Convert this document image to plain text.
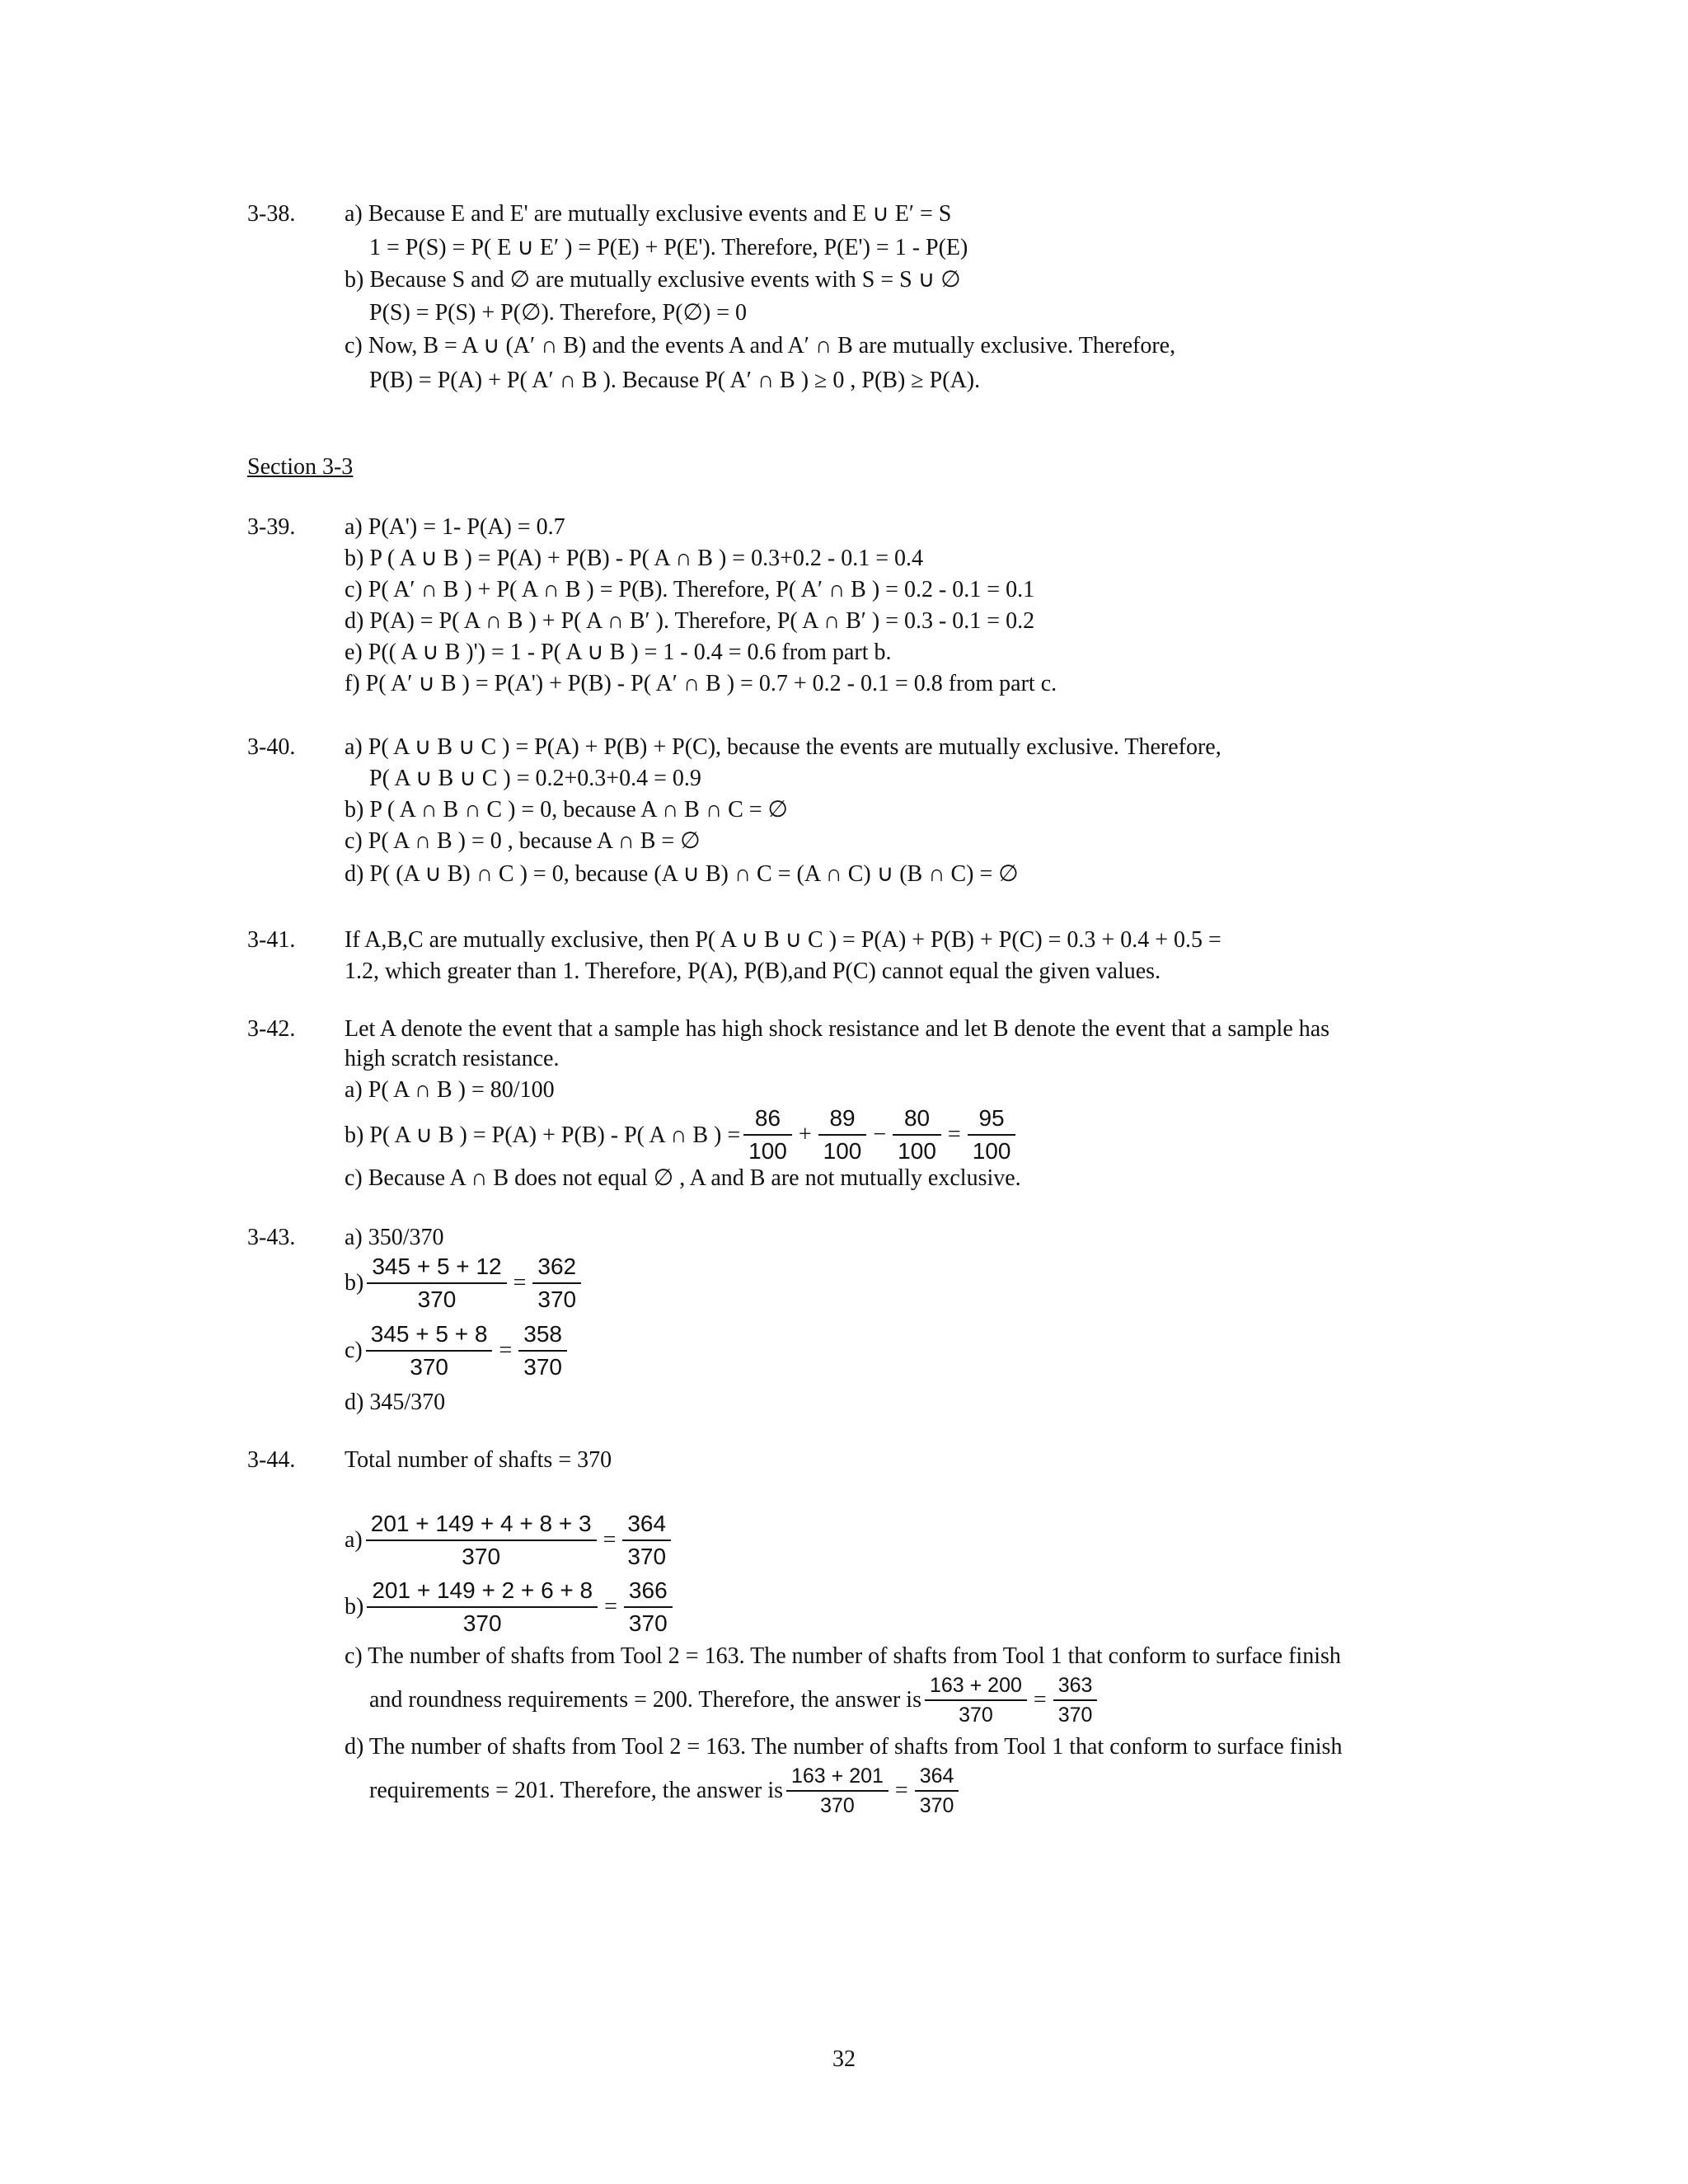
3-38. a) Because E and E' are mutually exclusive events and E ∪ E′ = S
1 = P(S) = P( E ∪ E′ ) = P(E) + P(E'). Therefore, P(E') = 1 - P(E)
b) Because S and ∅ are mutually exclusive events with S = S ∪ ∅
P(S) = P(S) + P(∅). Therefore, P(∅) = 0
c) Now, B = A ∪ (A′ ∩ B) and the events A and A′ ∩ B are mutually exclusive. Therefore,
P(B) = P(A) + P( A′ ∩ B ). Because P( A′ ∩ B ) ≥ 0 , P(B) ≥ P(A).
Section 3-3
3-39. a) P(A') = 1- P(A) = 0.7
b) P ( A ∪ B ) = P(A) + P(B) - P( A ∩ B ) = 0.3+0.2 - 0.1 = 0.4
c) P( A′ ∩ B ) + P( A ∩ B ) = P(B). Therefore, P( A′ ∩ B ) = 0.2 - 0.1 = 0.1
d) P(A) = P( A ∩ B ) + P( A ∩ B′ ). Therefore, P( A ∩ B′ ) = 0.3 - 0.1 = 0.2
e) P(( A ∪ B )') = 1 - P( A ∪ B ) = 1 - 0.4 = 0.6 from part b.
f) P( A′ ∪ B ) = P(A') + P(B) - P( A′ ∩ B ) = 0.7 + 0.2 - 0.1 = 0.8 from part c.
3-40. a) P( A ∪ B ∪ C ) = P(A) + P(B) + P(C), because the events are mutually exclusive. Therefore,
P( A ∪ B ∪ C ) = 0.2+0.3+0.4 = 0.9
b) P ( A ∩ B ∩ C ) = 0, because A ∩ B ∩ C = ∅
c) P( A ∩ B ) = 0 , because A ∩ B = ∅
d) P( (A ∪ B) ∩ C ) = 0, because (A ∪ B) ∩ C = (A ∩ C) ∪ (B ∩ C) = ∅
3-41. If A,B,C are mutually exclusive, then P( A ∪ B ∪ C ) = P(A) + P(B) + P(C) = 0.3 + 0.4 + 0.5 =
1.2, which greater than 1. Therefore, P(A), P(B),and P(C) cannot equal the given values.
3-42. Let A denote the event that a sample has high shock resistance and let B denote the event that a sample has
high scratch resistance.
a) P( A ∩ B ) = 80/100
b) P( A ∪ B ) = P(A) + P(B) - P( A ∩ B ) = $\frac{86}{100} + \frac{89}{100} - \frac{80}{100} = \frac{95}{100}$
c) Because A ∩ B does not equal ∅ , A and B are not mutually exclusive.
3-43. a) 350/370
$b) \frac{345 + 5 + 12}{370} = \frac{362}{370}$
$c) \frac{345 + 5 + 8}{370} = \frac{358}{370}$
d) 345/370
3-44. Total number of shafts = 370
$a) \frac{201 + 149 + 4 + 8 + 3}{370} = \frac{364}{370}$
$b) \frac{201 + 149 + 2 + 6 + 8}{370} = \frac{366}{370}$
c) The number of shafts from Tool 2 = 163. The number of shafts from Tool 1 that conform to surface finish
and roundness requirements = 200. Therefore, the answer is $\frac{163 + 200}{370} = \frac{363}{370}$
d) The number of shafts from Tool 2 = 163. The number of shafts from Tool 1 that conform to surface finish
requirements = 201. Therefore, the answer is $\frac{163 + 201}{370} = \frac{364}{370}$
32
